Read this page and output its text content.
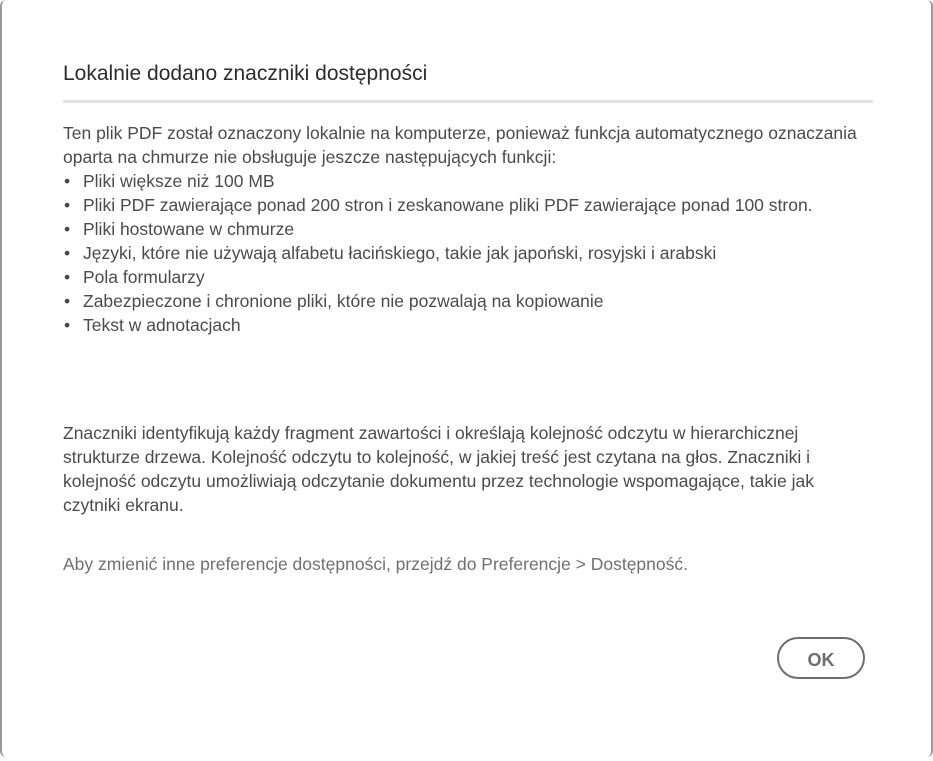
Lokalnie dodano znaczniki dostępności

Ten plik PDF został oznaczony lokalnie na komputerze, ponieważ funkcja automatycznego oznaczania oparta na chmurze nie obsługuje jeszcze następujących funkcji:

• Pliki większe niż 100 MB
• Pliki PDF zawierające ponad 200 stron i zeskanowane pliki PDF zawierające ponad 100 stron.
• Pliki hostowane w chmurze
• Języki, które nie używają alfabetu łacińskiego, takie jak japoński, rosyjski i arabski
• Pola formularzy
• Zabezpieczone i chronione pliki, które nie pozwalają na kopiowanie
• Tekst w adnotacjach

Znaczniki identyfikują każdy fragment zawartości i określają kolejność odczytu w hierarchicznej strukturze drzewa. Kolejność odczytu to kolejność, w jakiej treść jest czytana na głos. Znaczniki i kolejność odczytu umożliwiają odczytanie dokumentu przez technologie wspomagające, takie jak czytniki ekranu.

Aby zmienić inne preferencje dostępności, przejdź do Preferencje > Dostępność.

OK
